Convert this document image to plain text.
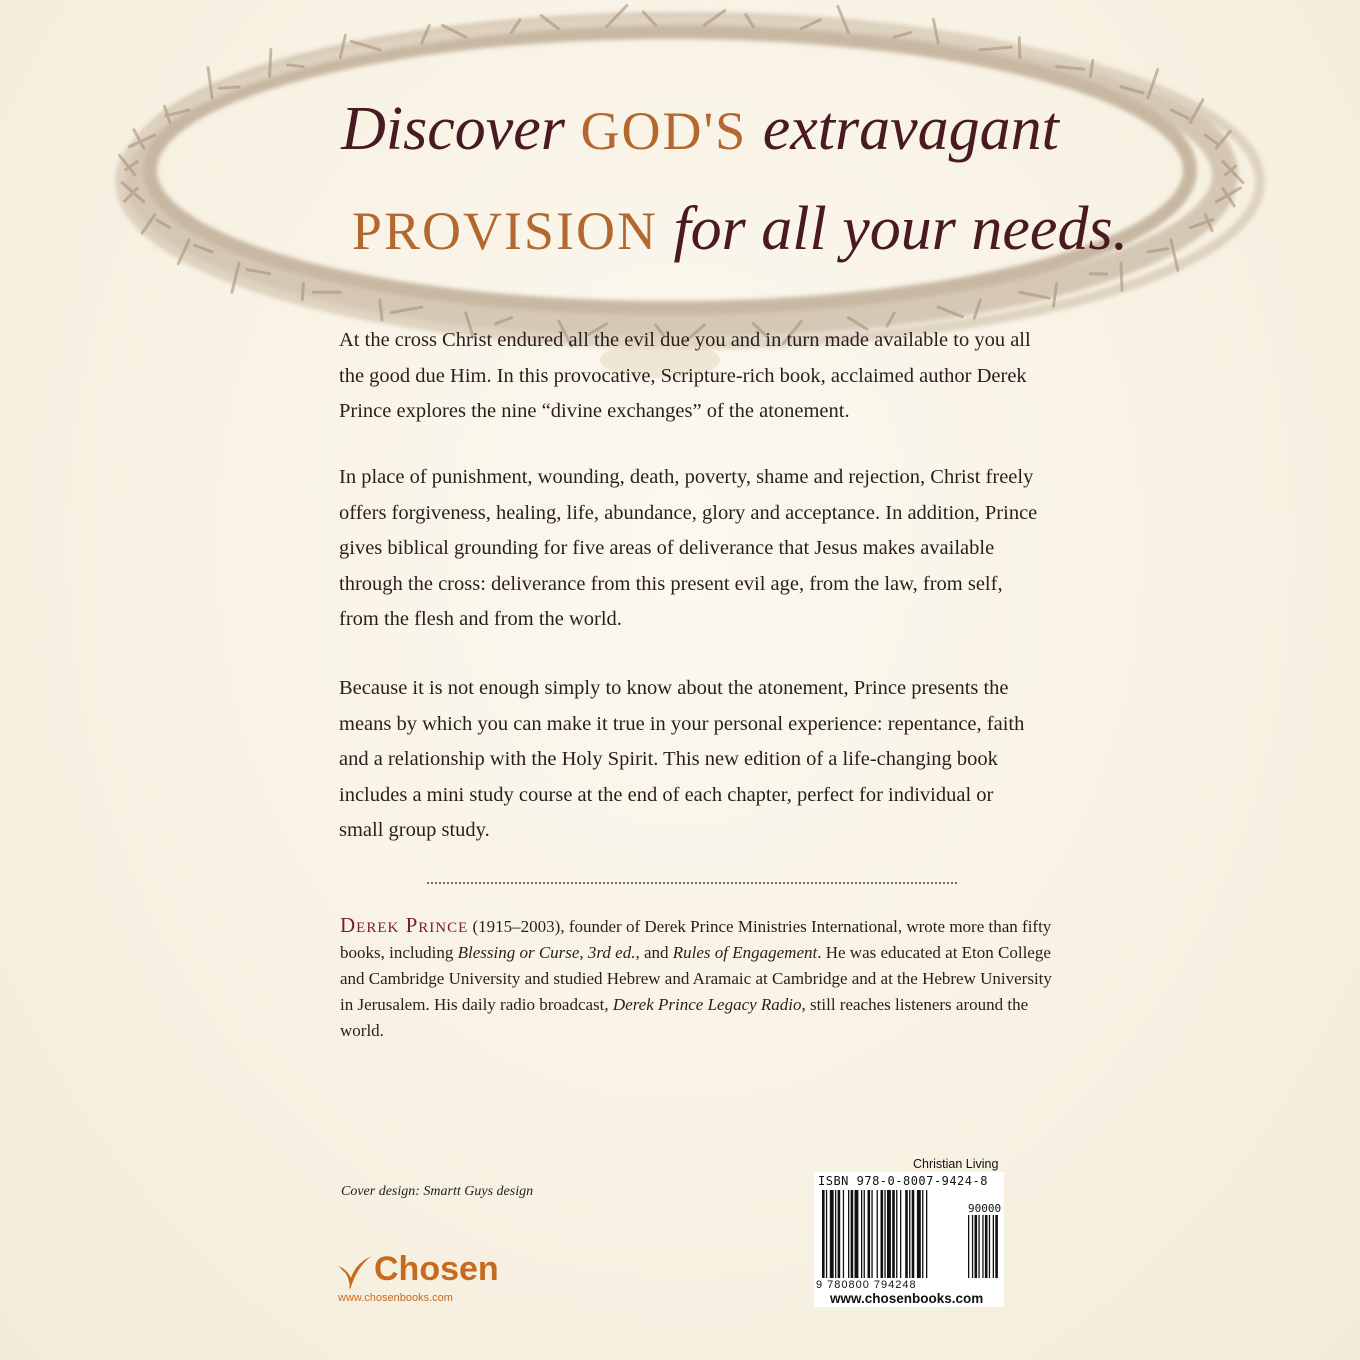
Discover GOD'S extravagant
PROVISION for all your needs.

At the cross Christ endured all the evil due you and in turn made available to you all the good due Him. In this provocative, Scripture-rich book, acclaimed author Derek Prince explores the nine “divine exchanges” of the atonement.

In place of punishment, wounding, death, poverty, shame and rejection, Christ freely offers forgiveness, healing, life, abundance, glory and acceptance. In addition, Prince gives biblical grounding for five areas of deliverance that Jesus makes available through the cross: deliverance from this present evil age, from the law, from self, from the flesh and from the world.

Because it is not enough simply to know about the atonement, Prince presents the means by which you can make it true in your personal experience: repentance, faith and a relationship with the Holy Spirit. This new edition of a life-changing book includes a mini study course at the end of each chapter, perfect for individual or small group study.

Derek Prince (1915–2003), founder of Derek Prince Ministries International, wrote more than fifty books, including Blessing or Curse, 3rd ed., and Rules of Engagement. He was educated at Eton College and Cambridge University and studied Hebrew and Aramaic at Cambridge and at the Hebrew University in Jerusalem. His daily radio broadcast, Derek Prince Legacy Radio, still reaches listeners around the world.

Cover design: Smartt Guys design
Chosen
www.chosenbooks.com
Christian Living
ISBN 978-0-8007-9424-8
90000
9 780800 794248
www.chosenbooks.com
